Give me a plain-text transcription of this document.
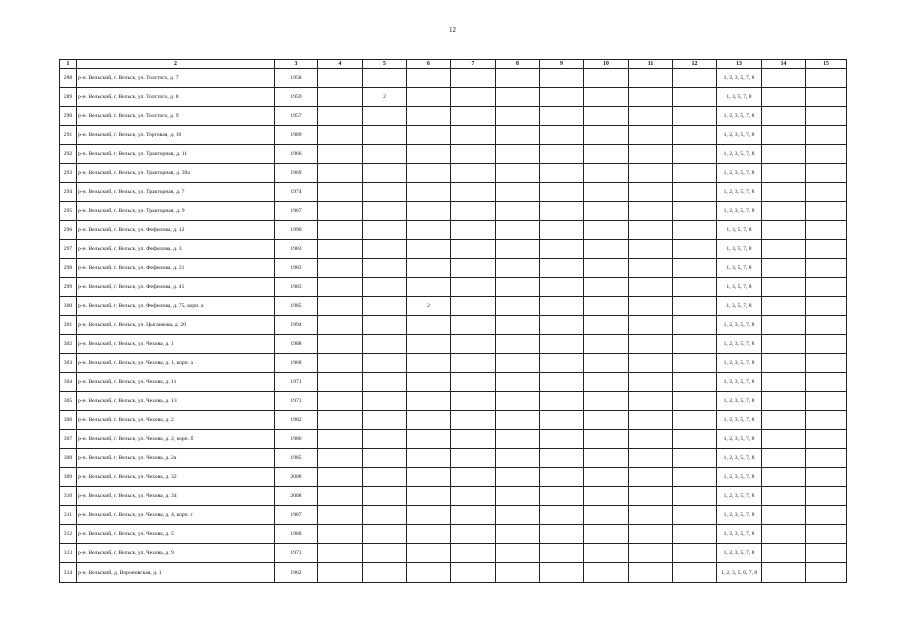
12
1	2	3	4	5	6	7	8	9	10	11	12	13	14	15
288	р-н. Вельский, г. Вельск, ул. Толстого, д. 7	1958										1, 2, 3, 5, 7, 8		
289	р-н. Вельский, г. Вельск, ул. Толстого, д. 8	1959		2								1, 3, 5, 7, 8		
290	р-н. Вельский, г. Вельск, ул. Толстого, д. 9	1957										1, 2, 3, 5, 7, 8		
291	р-н. Вельский, г. Вельск, ул. Торговая, д. 10	1989										1, 2, 3, 5, 7, 8		
292	р-н. Вельский, г. Вельск, ул. Тракторная, д. 11	1966										1, 2, 3, 5, 7, 8		
293	р-н. Вельский, г. Вельск, ул. Тракторная, д. 39а	1969										1, 2, 3, 5, 7, 8		
294	р-н. Вельский, г. Вельск, ул. Тракторная, д. 7	1974										1, 2, 3, 5, 7, 8		
295	р-н. Вельский, г. Вельск, ул. Тракторная, д. 9	1967										1, 2, 3, 5, 7, 8		
296	р-н. Вельский, г. Вельск, ул. Фефилова, д. 12	1990										1, 3, 5, 7, 8		
297	р-н. Вельский, г. Вельск, ул. Фефилова, д. 3	1983										1, 3, 5, 7, 8		
298	р-н. Вельский, г. Вельск, ул. Фефилова, д. 31	1983										1, 3, 5, 7, 8		
299	р-н. Вельский, г. Вельск, ул. Фефилова, д. 41	1983										1, 3, 5, 7, 8		
300	р-н. Вельский, г. Вельск, ул. Фефилова, д. 75, корп. а	1985			2							1, 3, 5, 7, 8		
301	р-н. Вельский, г. Вельск, ул. Цыганкова, д. 20	1994										1, 2, 3, 5, 7, 8		
302	р-н. Вельский, г. Вельск, ул. Чехова, д. 1	1988										1, 2, 3, 5, 7, 8		
303	р-н. Вельский, г. Вельск, ул. Чехова, д. 1, корп. а	1968										1, 2, 3, 5, 7, 8		
304	р-н. Вельский, г. Вельск, ул. Чехова, д. 11	1971										1, 2, 3, 5, 7, 8		
305	р-н. Вельский, г. Вельск, ул. Чехова, д. 13	1971										1, 2, 3, 5, 7, 8		
306	р-н. Вельский, г. Вельск, ул. Чехова, д. 2	1982										1, 2, 3, 5, 7, 8		
307	р-н. Вельский, г. Вельск, ул. Чехова, д. 2, корп. б	1986										1, 2, 3, 5, 7, 8		
308	р-н. Вельский, г. Вельск, ул. Чехова, д. 2а	1985										1, 2, 3, 5, 7, 8		
309	р-н. Вельский, г. Вельск, ул. Чехова, д. 32	2008										1, 2, 3, 5, 7, 8		
310	р-н. Вельский, г. Вельск, ул. Чехова, д. 34	2008										1, 2, 3, 5, 7, 8		
311	р-н. Вельский, г. Вельск, ул. Чехова, д. 4, корп. г	1987										1, 2, 3, 5, 7, 8		
312	р-н. Вельский, г. Вельск, ул. Чехова, д. 5	1980										1, 2, 3, 5, 7, 8		
313	р-н. Вельский, г. Вельск, ул. Чехова, д. 9	1971										1, 2, 3, 5, 7, 8		
314	р-н. Вельский, д. Вороновская, д. 1	1962										1, 2, 3, 5, 6, 7, 8		
